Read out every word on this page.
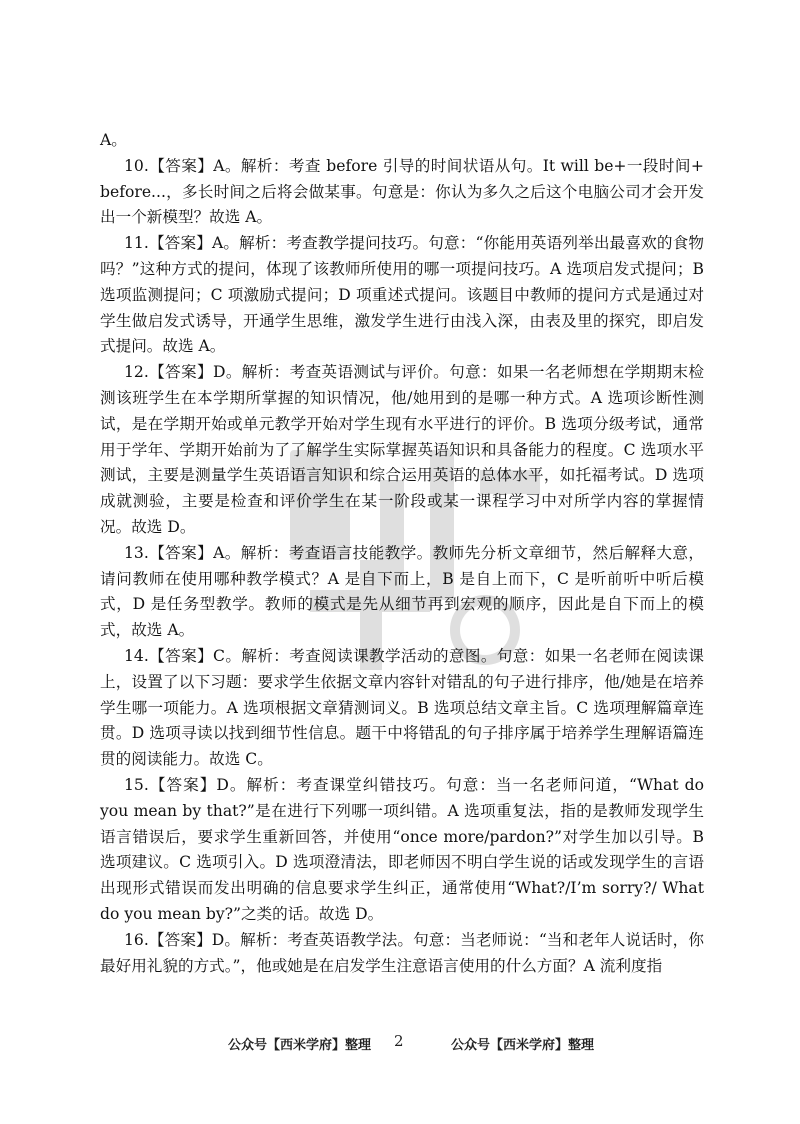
A。

10.【答案】A。解析：考查 before 引导的时间状语从句。It will be+一段时间+ before...，多长时间之后将会做某事。句意是：你认为多久之后这个电脑公司才会开发出一个新模型？故选 A。

11.【答案】A。解析：考查教学提问技巧。句意：“你能用英语列举出最喜欢的食物吗？”这种方式的提问，体现了该教师所使用的哪一项提问技巧。A 选项启发式提问；B 选项监测提问；C 项激励式提问；D 项重述式提问。该题目中教师的提问方式是通过对学生做启发式诱导，开通学生思维，激发学生进行由浅入深，由表及里的探究，即启发式提问。故选 A。

12.【答案】D。解析：考查英语测试与评价。句意：如果一名老师想在学期期末检测该班学生在本学期所掌握的知识情况，他/她用到的是哪一种方式。A 选项诊断性测试，是在学期开始或单元教学开始对学生现有水平进行的评价。B 选项分级考试，通常用于学年、学期开始前为了了解学生实际掌握英语知识和具备能力的程度。C 选项水平测试，主要是测量学生英语语言知识和综合运用英语的总体水平，如托福考试。D 选项成就测验，主要是检查和评价学生在某一阶段或某一课程学习中对所学内容的掌握情况。故选 D。

13.【答案】A。解析：考查语言技能教学。教师先分析文章细节，然后解释大意，请问教师在使用哪种教学模式？A 是自下而上，B 是自上而下，C 是听前听中听后模式，D 是任务型教学。教师的模式是先从细节再到宏观的顺序，因此是自下而上的模式，故选 A。

14.【答案】C。解析：考查阅读课教学活动的意图。句意：如果一名老师在阅读课上，设置了以下习题：要求学生依据文章内容针对错乱的句子进行排序，他/她是在培养学生哪一项能力。A 选项根据文章猜测词义。B 选项总结文章主旨。C 选项理解篇章连贯。D 选项寻读以找到细节性信息。题干中将错乱的句子排序属于培养学生理解语篇连贯的阅读能力。故选 C。

15.【答案】D。解析：考查课堂纠错技巧。句意：当一名老师问道，“What do you mean by that?”是在进行下列哪一项纠错。A 选项重复法，指的是教师发现学生语言错误后，要求学生重新回答，并使用“once more/pardon?”对学生加以引导。B 选项建议。C 选项引入。D 选项澄清法，即老师因不明白学生说的话或发现学生的言语出现形式错误而发出明确的信息要求学生纠正，通常使用“What?/I’m sorry?/ What do you mean by?”之类的话。故选 D。

16.【答案】D。解析：考查英语教学法。句意：当老师说：“当和老年人说话时，你最好用礼貌的方式。”，他或她是在启发学生注意语言使用的什么方面？A 流利度指

公众号【西米学府】整理 2	公众号【西米学府】整理
